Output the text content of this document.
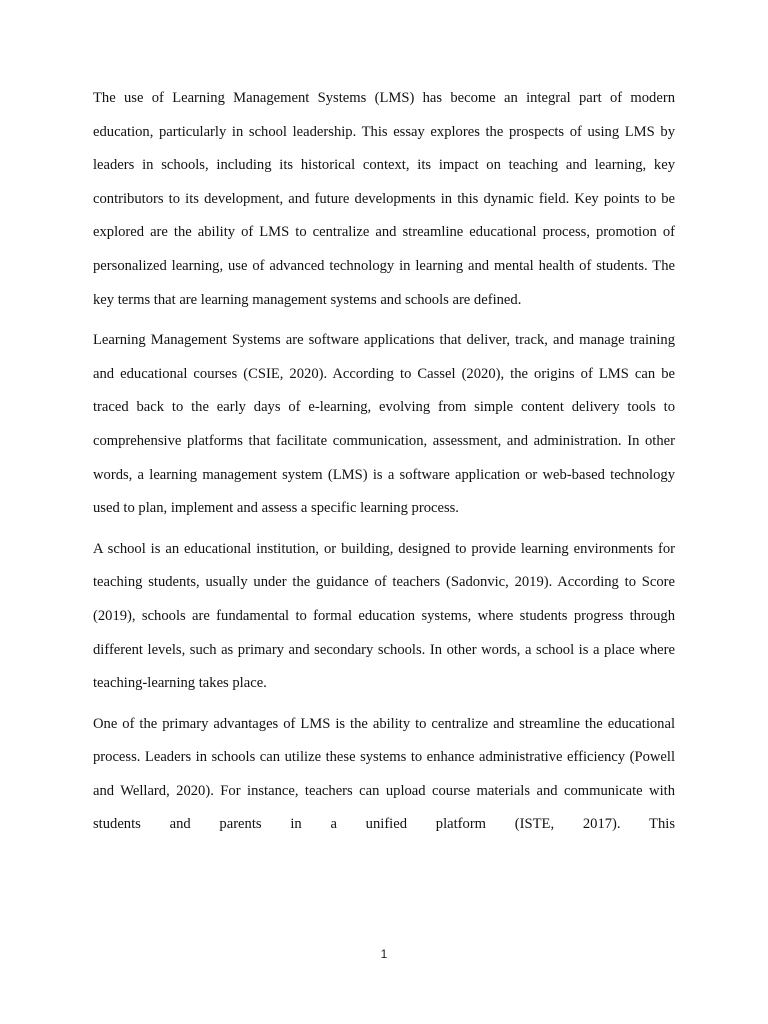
The use of Learning Management Systems (LMS) has become an integral part of modern education, particularly in school leadership. This essay explores the prospects of using LMS by leaders in schools, including its historical context, its impact on teaching and learning, key contributors to its development, and future developments in this dynamic field. Key points to be explored are the ability of LMS to centralize and streamline educational process, promotion of personalized learning, use of advanced technology in learning and mental health of students. The key terms that are learning management systems and schools are defined.

Learning Management Systems are software applications that deliver, track, and manage training and educational courses (CSIE, 2020). According to Cassel (2020), the origins of LMS can be traced back to the early days of e-learning, evolving from simple content delivery tools to comprehensive platforms that facilitate communication, assessment, and administration. In other words, a learning management system (LMS) is a software application or web-based technology used to plan, implement and assess a specific learning process.

A school is an educational institution, or building, designed to provide learning environments for teaching students, usually under the guidance of teachers (Sadonvic, 2019). According to Score (2019), schools are fundamental to formal education systems, where students progress through different levels, such as primary and secondary schools. In other words, a school is a place where teaching-learning takes place.

One of the primary advantages of LMS is the ability to centralize and streamline the educational process. Leaders in schools can utilize these systems to enhance administrative efficiency (Powell and Wellard, 2020). For instance, teachers can upload course materials and communicate with students and parents in a unified platform (ISTE, 2017). This

1
